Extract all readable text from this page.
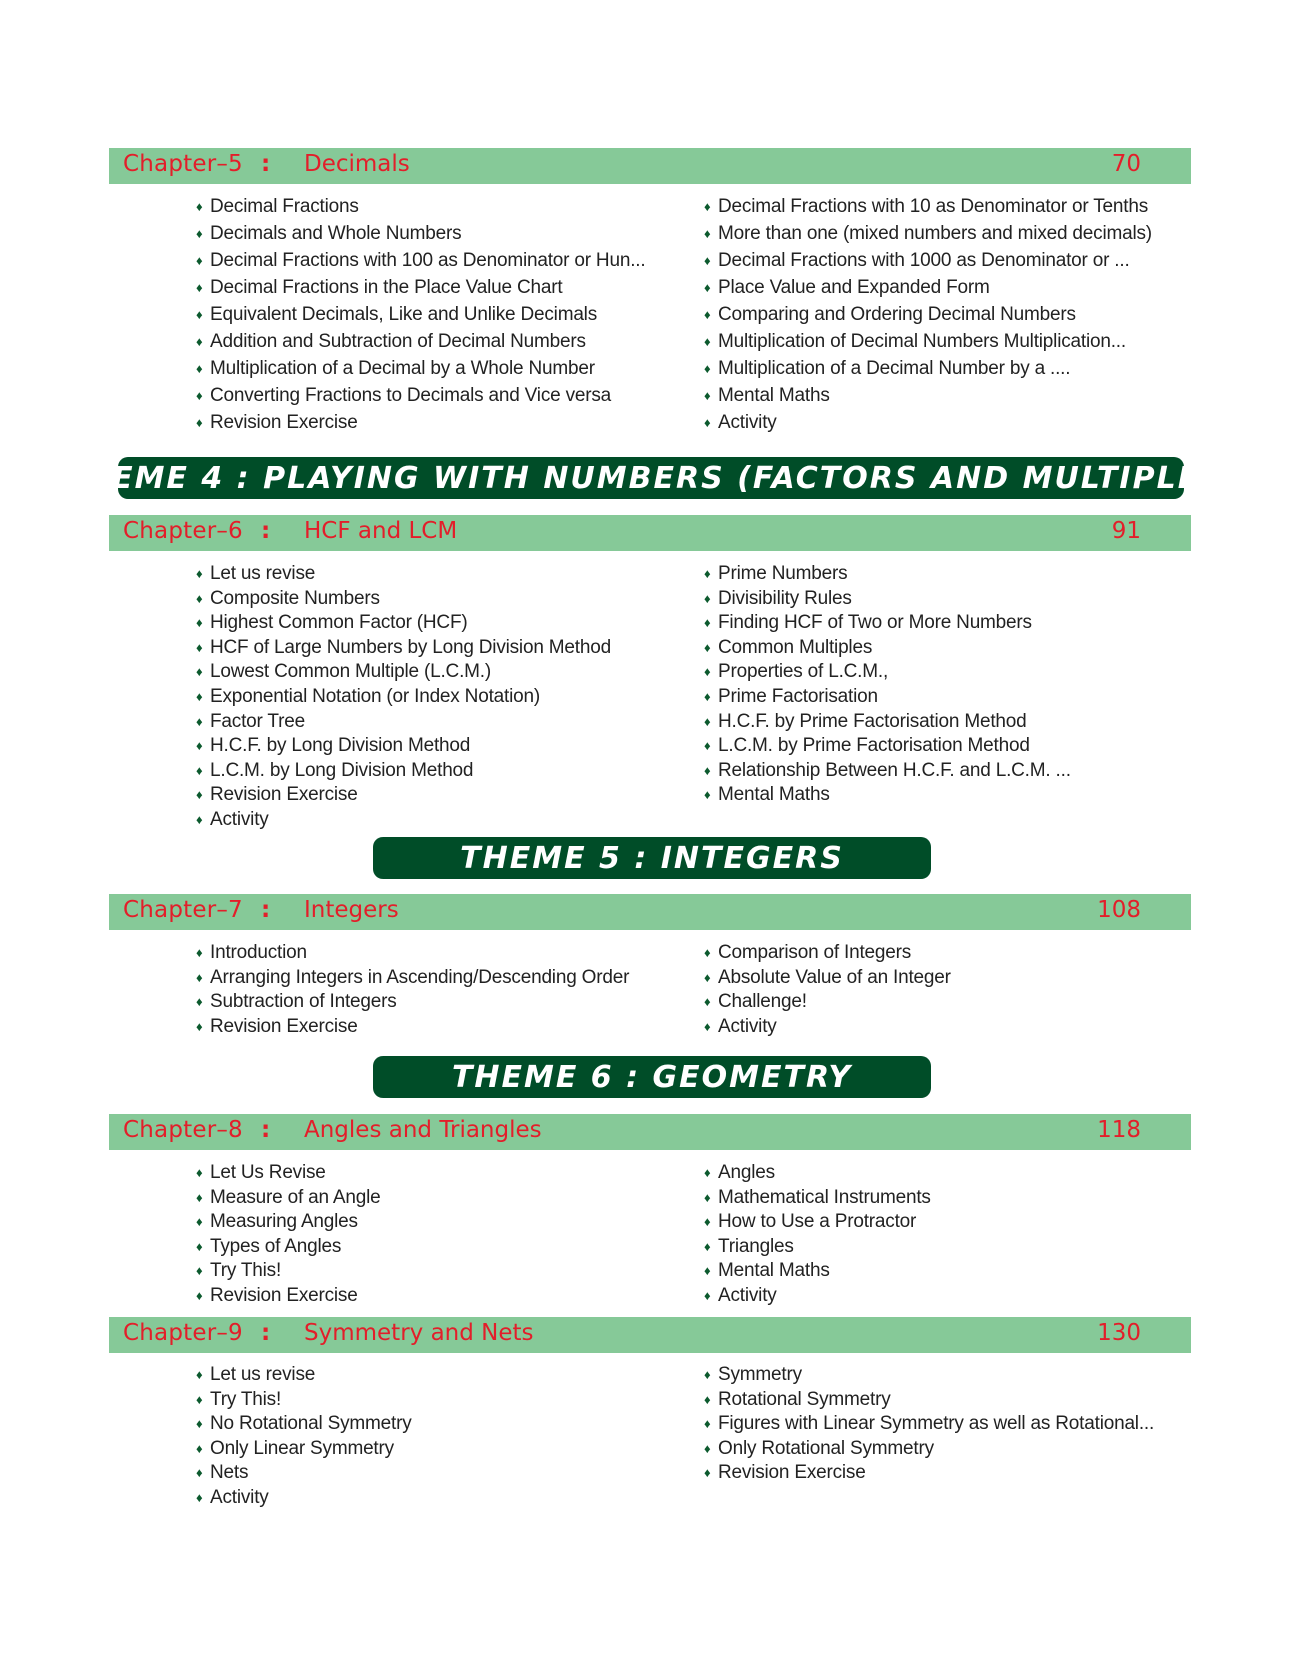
Chapter–5 : Decimals	70
♦ Decimal Fractions
♦ Decimals and Whole Numbers
♦ Decimal Fractions with 100 as Denominator or Hun...
♦ Decimal Fractions in the Place Value Chart
♦ Equivalent Decimals, Like and Unlike Decimals
♦ Addition and Subtraction of Decimal Numbers
♦ Multiplication of a Decimal by a Whole Number
♦ Converting Fractions to Decimals and Vice versa
♦ Revision Exercise
♦ Decimal Fractions with 10 as Denominator or Tenths
♦ More than one (mixed numbers and mixed decimals)
♦ Decimal Fractions with 1000 as Denominator or ...
♦ Place Value and Expanded Form
♦ Comparing and Ordering Decimal Numbers
♦ Multiplication of Decimal Numbers Multiplication...
♦ Multiplication of a Decimal Number by a ....
♦ Mental Maths
♦ Activity
THEME 4 : PLAYING WITH NUMBERS (FACTORS AND MULTIPLES)
Chapter–6 : HCF and LCM	91
♦ Let us revise
♦ Composite Numbers
♦ Highest Common Factor (HCF)
♦ HCF of Large Numbers by Long Division Method
♦ Lowest Common Multiple (L.C.M.)
♦ Exponential Notation (or Index Notation)
♦ Factor Tree
♦ H.C.F. by Long Division Method
♦ L.C.M. by Long Division Method
♦ Revision Exercise
♦ Activity
♦ Prime Numbers
♦ Divisibility Rules
♦ Finding HCF of Two or More Numbers
♦ Common Multiples
♦ Properties of L.C.M.,
♦ Prime Factorisation
♦ H.C.F. by Prime Factorisation Method
♦ L.C.M. by Prime Factorisation Method
♦ Relationship Between H.C.F. and L.C.M. ...
♦ Mental Maths
THEME 5 : INTEGERS
Chapter–7 : Integers	108
♦ Introduction
♦ Arranging Integers in Ascending/Descending Order
♦ Subtraction of Integers
♦ Revision Exercise
♦ Comparison of Integers
♦ Absolute Value of an Integer
♦ Challenge!
♦ Activity
THEME 6 : GEOMETRY
Chapter–8 : Angles and Triangles	118
♦ Let Us Revise
♦ Measure of an Angle
♦ Measuring Angles
♦ Types of Angles
♦ Try This!
♦ Revision Exercise
♦ Angles
♦ Mathematical Instruments
♦ How to Use a Protractor
♦ Triangles
♦ Mental Maths
♦ Activity
Chapter–9 : Symmetry and Nets	130
♦ Let us revise
♦ Try This!
♦ No Rotational Symmetry
♦ Only Linear Symmetry
♦ Nets
♦ Activity
♦ Symmetry
♦ Rotational Symmetry
♦ Figures with Linear Symmetry as well as Rotational...
♦ Only Rotational Symmetry
♦ Revision Exercise
